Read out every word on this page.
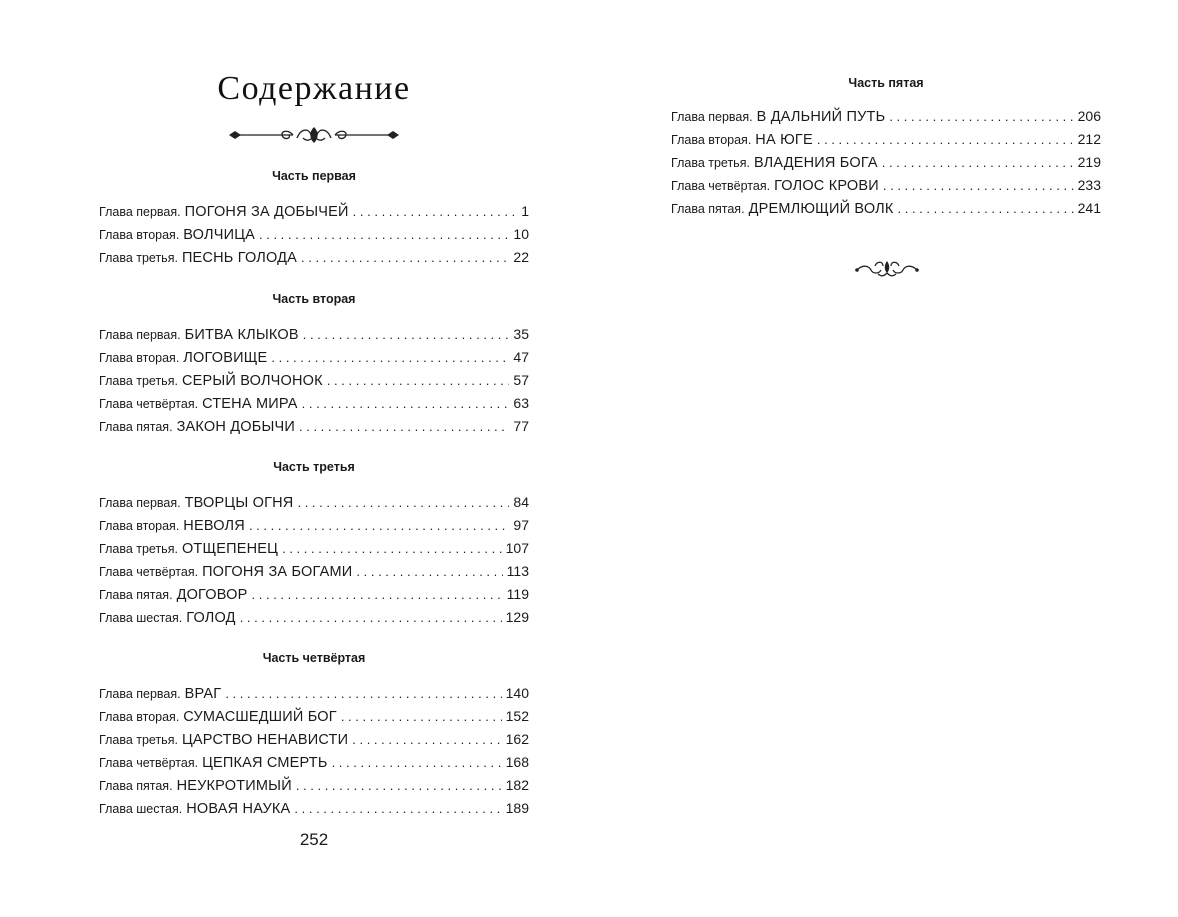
Содержание
Часть первая
Глава первая. ПОГОНЯ ЗА ДОБЫЧЕЙ . . .	1
Глава вторая. ВОЛЧИЦА . . .	10
Глава третья. ПЕСНЬ ГОЛОДА . . .	22
Часть вторая
Глава первая. БИТВА КЛЫКОВ . . .	35
Глава вторая. ЛОГОВИЩЕ . . .	47
Глава третья. СЕРЫЙ ВОЛЧОНОК . . .	57
Глава четвёртая. СТЕНА МИРА . . .	63
Глава пятая. ЗАКОН ДОБЫЧИ . . .	77
Часть третья
Глава первая. ТВОРЦЫ ОГНЯ . . .	84
Глава вторая. НЕВОЛЯ . . .	97
Глава третья. ОТЩЕПЕНЕЦ . . .	107
Глава четвёртая. ПОГОНЯ ЗА БОГАМИ . . .	113
Глава пятая. ДОГОВОР . . .	119
Глава шестая. ГОЛОД . . .	129
Часть четвёртая
Глава первая. ВРАГ . . .	140
Глава вторая. СУМАСШЕДШИЙ БОГ . . .	152
Глава третья. ЦАРСТВО НЕНАВИСТИ . . .	162
Глава четвёртая. ЦЕПКАЯ СМЕРТЬ . . .	168
Глава пятая. НЕУКРОТИМЫЙ . . .	182
Глава шестая. НОВАЯ НАУКА . . .	189
252
Часть пятая
Глава первая. В ДАЛЬНИЙ ПУТЬ . . .	206
Глава вторая. НА ЮГЕ . . .	212
Глава третья. ВЛАДЕНИЯ БОГА . . .	219
Глава четвёртая. ГОЛОС КРОВИ . . .	233
Глава пятая. ДРЕМЛЮЩИЙ ВОЛК . . .	241
